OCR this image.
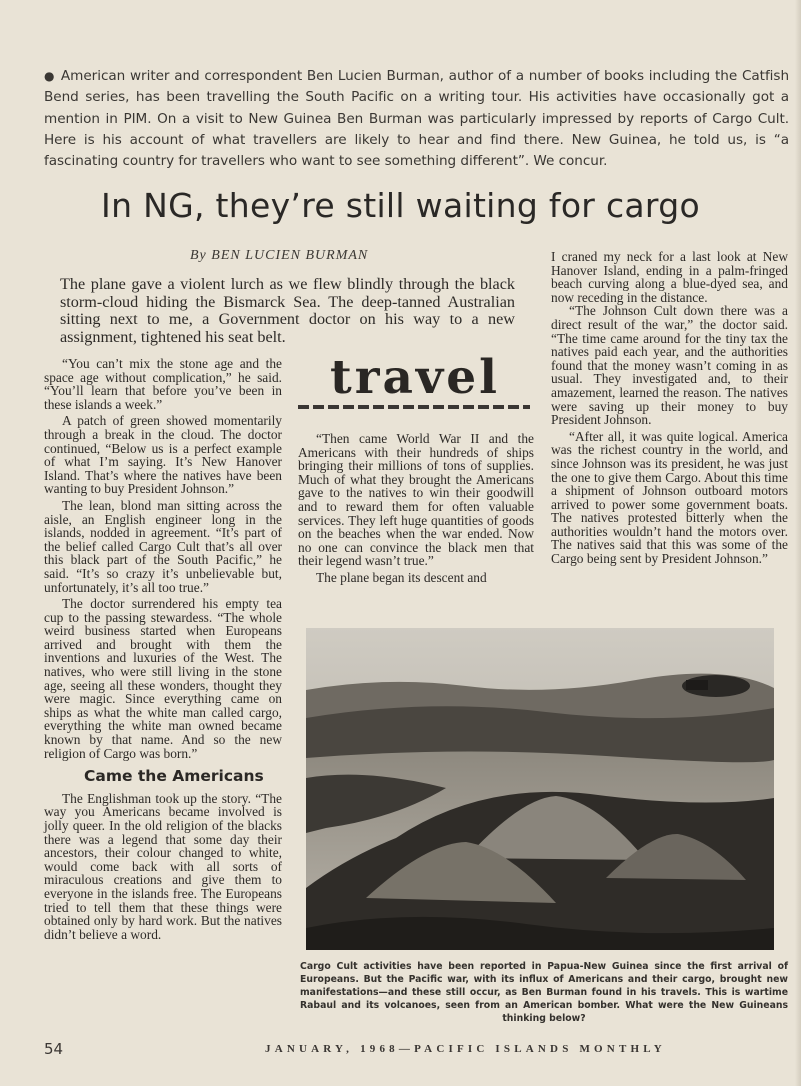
● American writer and correspondent Ben Lucien Burman, author of a number of books including the Catfish Bend series, has been travelling the South Pacific on a writing tour. His activities have occasionally got a mention in PIM. On a visit to New Guinea Ben Burman was particularly impressed by reports of Cargo Cult. Here is his account of what travellers are likely to hear and find there. New Guinea, he told us, is “a fascinating country for travellers who want to see something different”. We concur.
In NG, they’re still waiting for cargo
By BEN LUCIEN BURMAN
The plane gave a violent lurch as we flew blindly through the black storm-cloud hiding the Bismarck Sea. The deep-tanned Australian sitting next to me, a Government doctor on his way to a new assignment, tightened his seat belt.

“You can’t mix the stone age and the space age without complication,” he said. “You’ll learn that before you’ve been in these islands a week.”

A patch of green showed momentarily through a break in the cloud. The doctor continued, “Below us is a perfect example of what I’m saying. It’s New Hanover Island. That’s where the natives have been wanting to buy President Johnson.”

The lean, blond man sitting across the aisle, an English engineer long in the islands, nodded in agreement. “It’s part of the belief called Cargo Cult that’s all over this black part of the South Pacific,” he said. “It’s so crazy it’s unbelievable but, unfortunately, it’s all too true.”

The doctor surrendered his empty tea cup to the passing stewardess. “The whole weird business started when Europeans arrived and brought with them the inventions and luxuries of the West. The natives, who were still living in the stone age, seeing all these wonders, thought they were magic. Since everything came on ships as what the white man called cargo, everything the white man owned became known by that name. And so the new religion of Cargo was born.”

Came the Americans

The Englishman took up the story. “The way you Americans became involved is jolly queer. In the old religion of the blacks there was a legend that some day their ancestors, their colour changed to white, would come back with all sorts of miraculous creations and give them to everyone in the islands free. The Europeans tried to tell them that these things were obtained only by hard work. But the natives didn’t believe a word.

travel

“Then came World War II and the Americans with their hundreds of ships bringing their millions of tons of supplies. Much of what they brought the Americans gave to the natives to win their goodwill and to reward them for often valuable services. They left huge quantities of goods on the beaches when the war ended. Now no one can convince the black men that their legend wasn’t true.”

The plane began its descent and

I craned my neck for a last look at New Hanover Island, ending in a palm-fringed beach curving along a blue-dyed sea, and now receding in the distance.

“The Johnson Cult down there was a direct result of the war,” the doctor said. “The time came around for the tiny tax the natives paid each year, and the authorities found that the money wasn’t coming in as usual. They investigated and, to their amazement, learned the reason. The natives were saving up their money to buy President Johnson.

“After all, it was quite logical. America was the richest country in the world, and since Johnson was its president, he was just the one to give them Cargo. About this time a shipment of Johnson outboard motors arrived to power some government boats. The natives protested bitterly when the authorities wouldn’t hand the motors over. The natives said that this was some of the Cargo being sent by President Johnson.”

Cargo Cult activities have been reported in Papua-New Guinea since the first arrival of Europeans. But the Pacific war, with its influx of Americans and their cargo, brought new manifestations—and these still occur, as Ben Burman found in his travels. This is wartime Rabaul and its volcanoes, seen from an American bomber. What were the New Guineans thinking below?
54	JANUARY, 1968—PACIFIC ISLANDS MONTHLY
